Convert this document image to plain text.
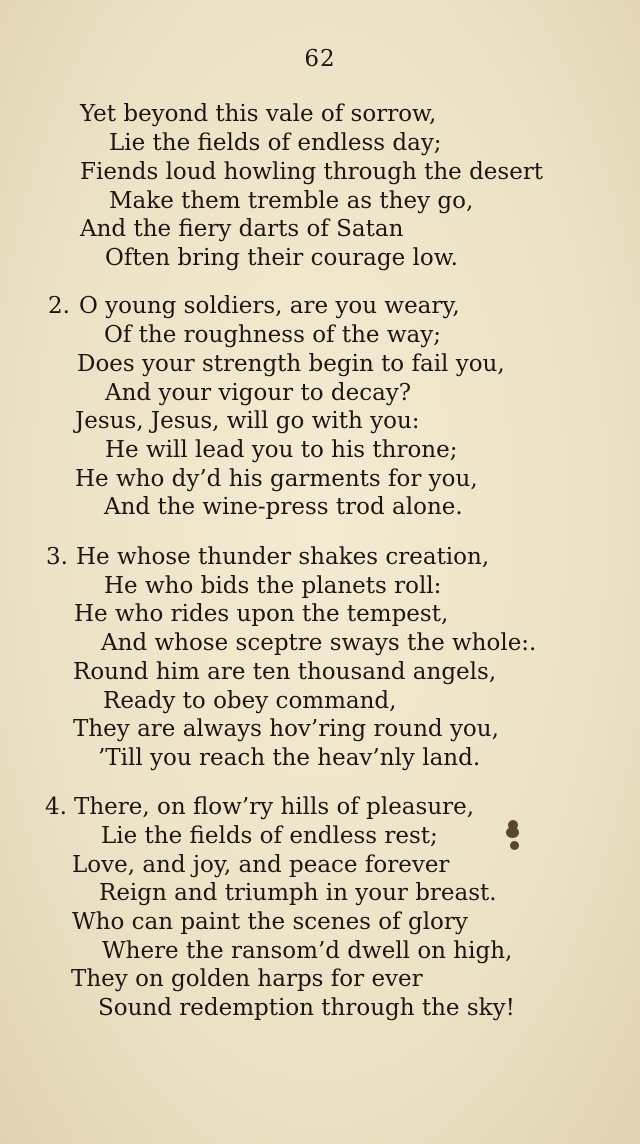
62
Yet beyond this vale of sorrow,
Lie the fields of endless day;
Fiends loud howling through the desert
Make them tremble as they go,
And the fiery darts of Satan
Often bring their courage low.
2. O young soldiers, are you weary,
Of the roughness of the way;
Does your strength begin to fail you,
And your vigour to decay?
Jesus, Jesus, will go with you:
He will lead you to his throne;
He who dy’d his garments for you,
And the wine-press trod alone.
3. He whose thunder shakes creation,
He who bids the planets roll:
He who rides upon the tempest,
And whose sceptre sways the whole:.
Round him are ten thousand angels,
Ready to obey command,
They are always hov’ring round you,
’Till you reach the heav’nly land.
4. There, on flow’ry hills of pleasure,
Lie the fields of endless rest;
Love, and joy, and peace forever
Reign and triumph in your breast.
Who can paint the scenes of glory
Where the ransom’d dwell on high,
They on golden harps for ever
Sound redemption through the sky!
